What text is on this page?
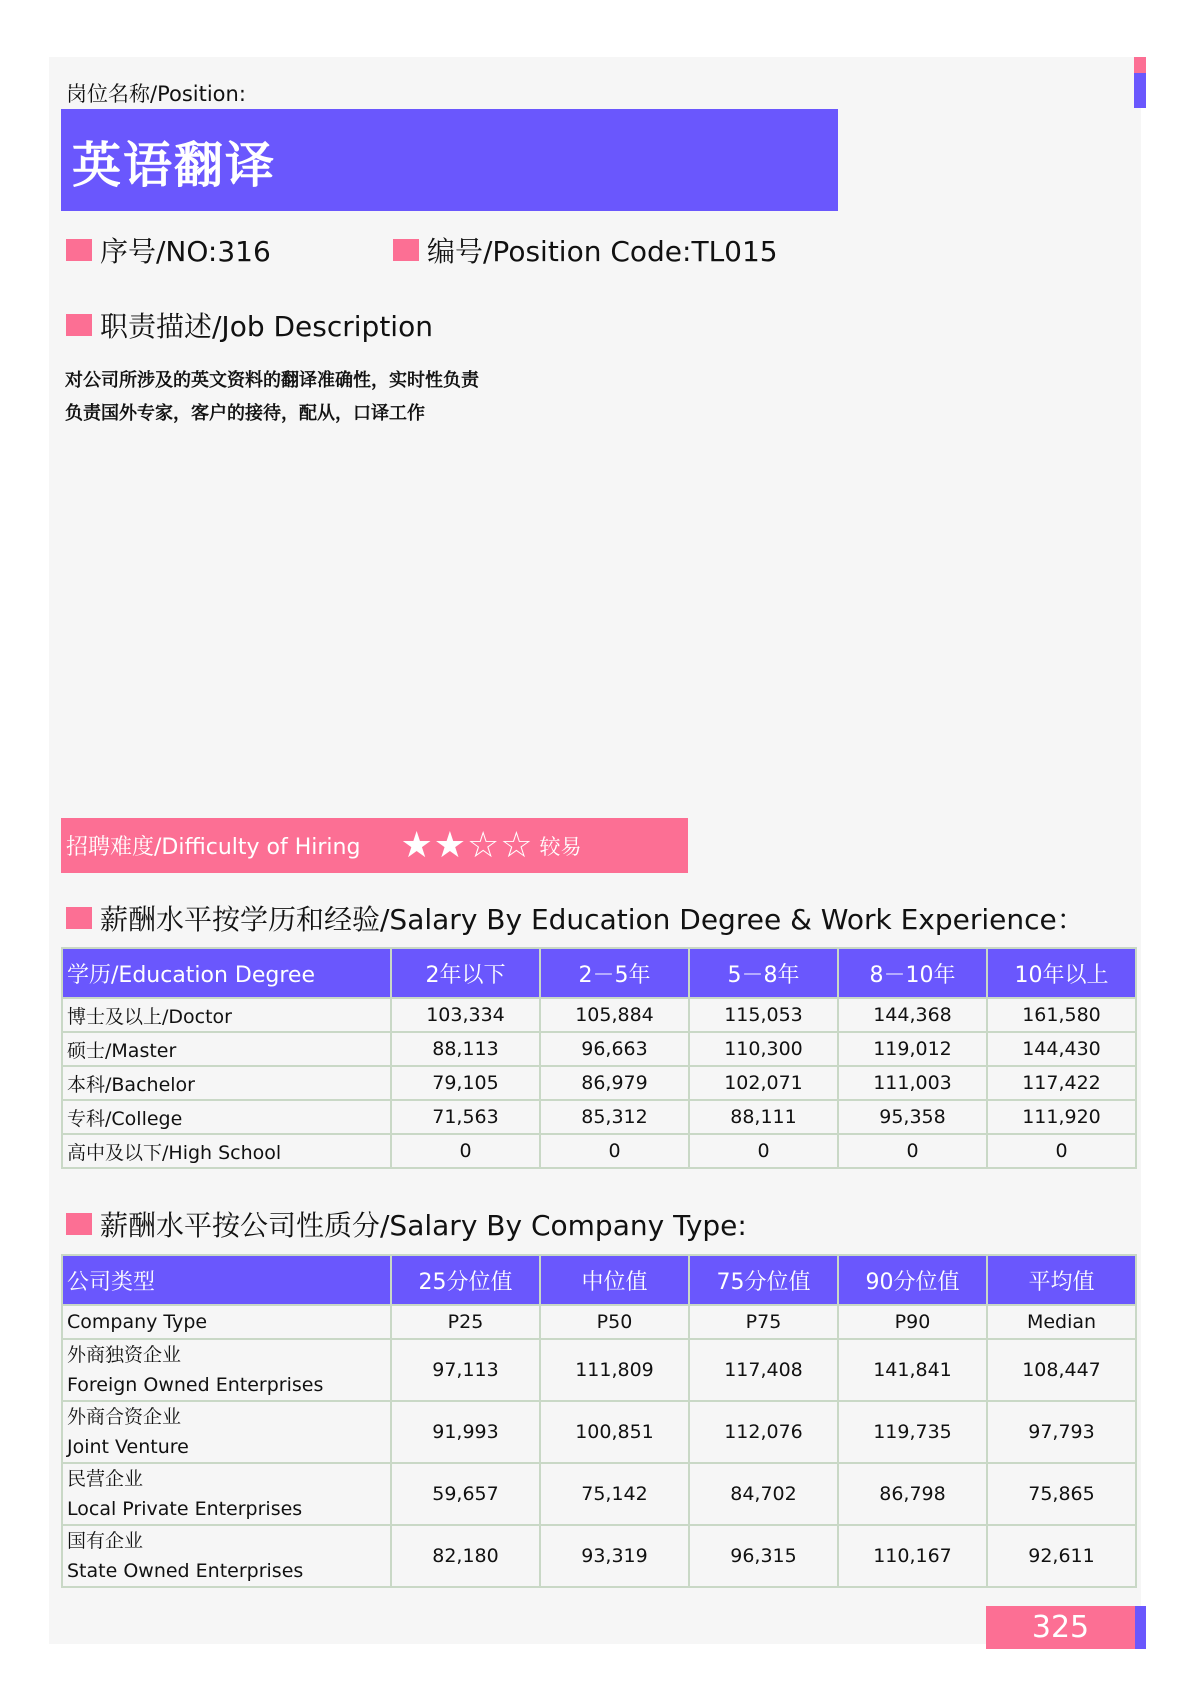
岗位名称/Position:
英语翻译
序号/NO:316	编号/Position Code:TL015
职责描述/Job Description
对公司所涉及的英文资料的翻译准确性，实时性负责
负责国外专家，客户的接待，配从，口译工作
招聘难度/Difficulty of Hiring ★★☆☆ 较易
薪酬水平按学历和经验/Salary By Education Degree & Work Experience：
学历/Education Degree	2年以下	2－5年	5－8年	8－10年	10年以上
博士及以上/Doctor	103,334	105,884	115,053	144,368	161,580
硕士/Master	88,113	96,663	110,300	119,012	144,430
本科/Bachelor	79,105	86,979	102,071	111,003	117,422
专科/College	71,563	85,312	88,111	95,358	111,920
高中及以下/High School	0	0	0	0	0
薪酬水平按公司性质分/Salary By Company Type:
公司类型	25分位值	中位值	75分位值	90分位值	平均值
Company Type	P25	P50	P75	P90	Median

外商独资企业
Foreign Owned Enterprises	97,113	111,809	117,408	141,841	108,447

外商合资企业
Joint Venture	91,993	100,851	112,076	119,735	97,793

民营企业
Local Private Enterprises	59,657	75,142	84,702	86,798	75,865

国有企业
State Owned Enterprises	82,180	93,319	96,315	110,167	92,611
325
